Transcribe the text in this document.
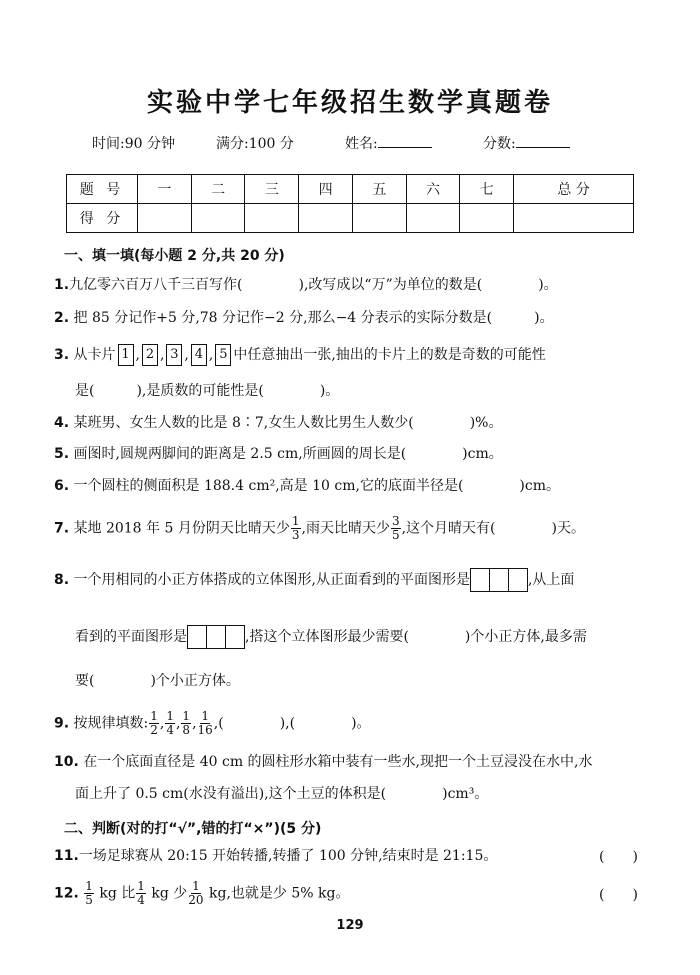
实验中学七年级招生数学真题卷
时间:90 分钟	满分:100 分	姓名:	分数:
题 号	一	二	三	四	五	六	七	总 分
得 分								
一、填一填(每小题 2 分,共 20 分)
1.九亿零六百万八千三百写作(　　　　),改写成以“万”为单位的数是(　　　　)。
2. 把 85 分记作+5 分,78 分记作−2 分,那么−4 分表示的实际分数是(　　　)。
3. 从卡片 1 , 2 , 3 , 4 , 5 中任意抽出一张,抽出的卡片上的数是奇数的可能性
是(　　　),是质数的可能性是(　　　　)。
4. 某班男、女生人数的比是 8∶7,女生人数比男生人数少(　　　　)%。
5. 画图时,圆规两脚间的距离是 2.5 cm,所画圆的周长是(　　　　)cm。
6. 一个圆柱的侧面积是 188.4 cm²,高是 10 cm,它的底面半径是(　　　　)cm。
7. 某地 2018 年 5 月份阴天比晴天少 $\frac{1}{3}$ ,雨天比晴天少 $\frac{3}{5}$ ,这个月晴天有(　　　　)天。
8. 一个用相同的小正方体搭成的立体图形,从正面看到的平面图形是	,从上面
看到的平面图形是	,搭这个立体图形最少需要(　　　　)个小正方体,最多需
要(　　　　)个小正方体。
9. 按规律填数: $\frac{1}{2}$ , $\frac{1}{4}$ , $\frac{1}{8}$ , $\frac{1}{16}$ ,(　　　　),(　　　　)。
10. 在一个底面直径是 40 cm 的圆柱形水箱中装有一些水,现把一个土豆浸没在水中,水
面上升了 0.5 cm(水没有溢出),这个土豆的体积是(　　　　)cm³。
二、判断(对的打“√”,错的打“×”)(5 分)
11.一场足球赛从 20:15 开始转播,转播了 100 分钟,结束时是 21:15。	(　　)
12. $\frac{1}{5}$ kg 比 $\frac{1}{4}$ kg 少 $\frac{1}{20}$ kg,也就是少 5% kg。	(　　)
129
